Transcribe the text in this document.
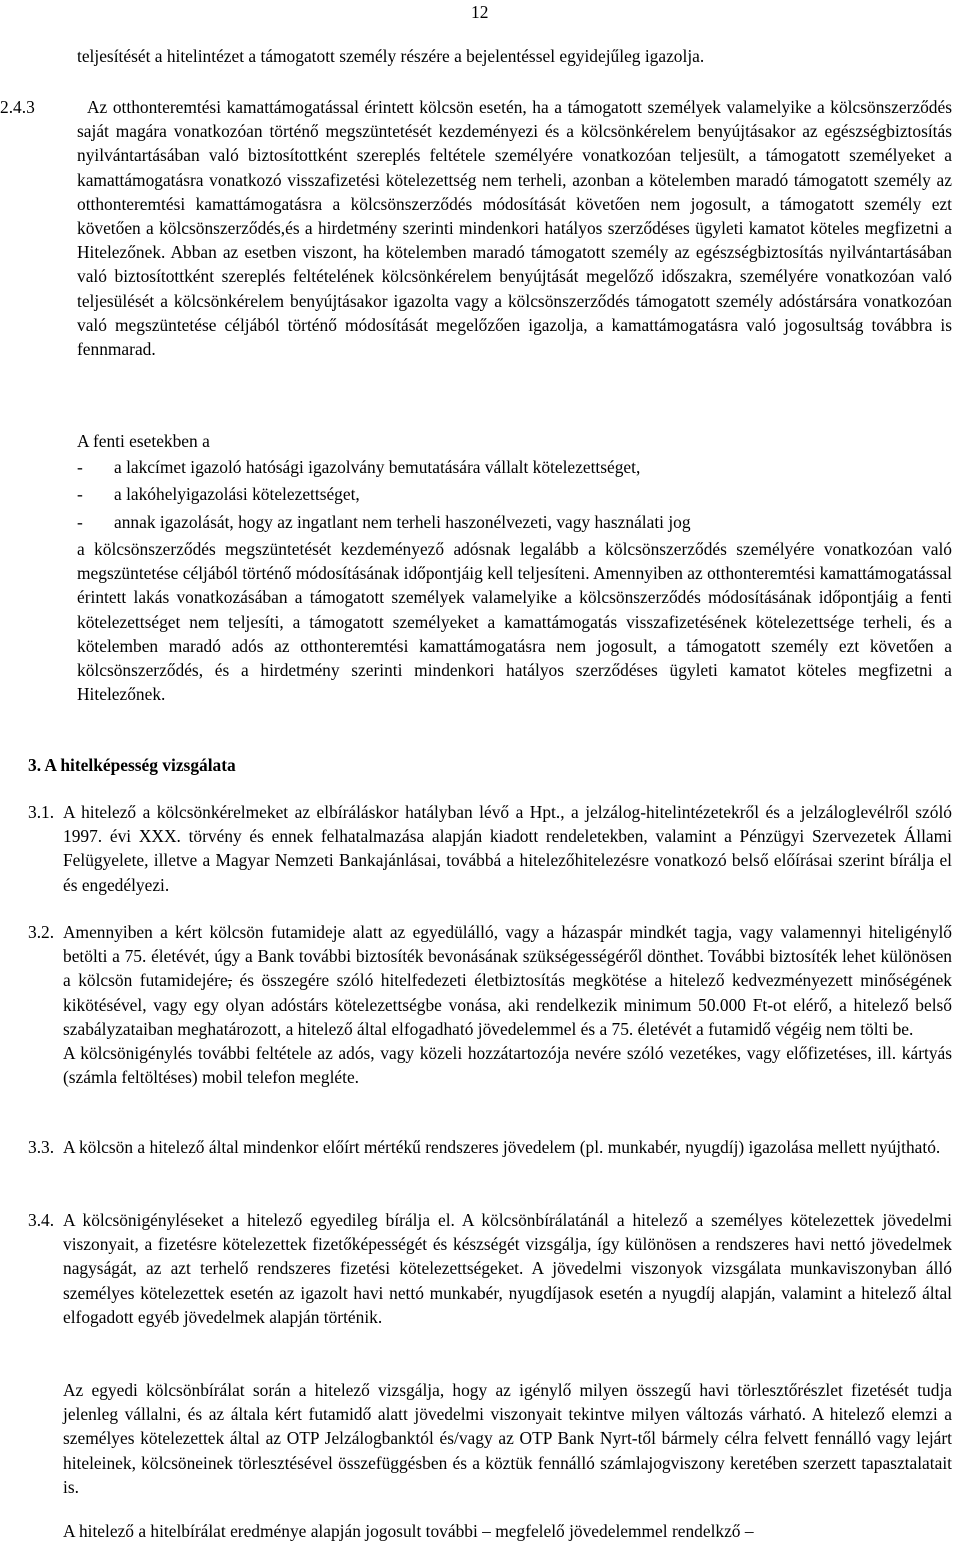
12
teljesítését a hitelintézet a támogatott személy részére a bejelentéssel egyidejűleg igazolja.
2.4.3	Az otthonteremtési kamattámogatással érintett kölcsön esetén, ha a támogatott személyek valamelyike a kölcsönszerződés saját magára vonatkozóan történő megszüntetését kezdeményezi és a kölcsönkérelem benyújtásakor az egészségbiztosítás nyilvántartásában való biztosítottként szereplés feltétele személyére vonatkozóan teljesült, a támogatott személyeket a kamattámogatásra vonatkozó visszafizetési kötelezettség nem terheli, azonban a kötelemben maradó támogatott személy az otthonteremtési kamattámogatásra a kölcsönszerződés módosítását követően nem jogosult, a támogatott személy ezt követően a kölcsönszerződés,és a hirdetmény szerinti mindenkori hatályos szerződéses ügyleti kamatot köteles megfizetni a Hitelezőnek. Abban az esetben viszont, ha kötelemben maradó támogatott személy az egészségbiztosítás nyilvántartásában való biztosítottként szereplés feltételének kölcsönkérelem benyújtását megelőző időszakra, személyére vonatkozóan való teljesülését a kölcsönkérelem benyújtásakor igazolta vagy a kölcsönszerződés támogatott személy adóstársára vonatkozóan való megszüntetése céljából történő módosítását megelőzően igazolja, a kamattámogatásra való jogosultság továbbra is fennmarad.
A fenti esetekben a
- a lakcímet igazoló hatósági igazolvány bemutatására vállalt kötelezettséget,
- a lakóhelyigazolási kötelezettséget,
- annak igazolását, hogy az ingatlant nem terheli haszonélvezeti, vagy használati jog
a kölcsönszerződés megszüntetését kezdeményező adósnak legalább a kölcsönszerződés személyére vonatkozóan való megszüntetése céljából történő módosításának időpontjáig kell teljesíteni. Amennyiben az otthonteremtési kamattámogatással érintett lakás vonatkozásában a támogatott személyek valamelyike a kölcsönszerződés módosításának időpontjáig a fenti kötelezettséget nem teljesíti, a támogatott személyeket a kamattámogatás visszafizetésének kötelezettsége terheli, és a kötelemben maradó adós az otthonteremtési kamattámogatásra nem jogosult, a támogatott személy ezt követően a kölcsönszerződés, és a hirdetmény szerinti mindenkori hatályos szerződéses ügyleti kamatot köteles megfizetni a Hitelezőnek.
3. A hitelképesség vizsgálata
3.1. A hitelező a kölcsönkérelmeket az elbíráláskor hatályban lévő a Hpt., a jelzálog-hitelintézetekről és a jelzáloglevélről szóló 1997. évi XXX. törvény és ennek felhatalmazása alapján kiadott rendeletekben, valamint a Pénzügyi Szervezetek Állami Felügyelete, illetve a Magyar Nemzeti Bankajánlásai, továbbá a hitelezőhitelezésre vonatkozó belső előírásai szerint bírálja el és engedélyezi.
3.2. Amennyiben a kért kölcsön futamideje alatt az egyedülálló, vagy a házaspár mindkét tagja, vagy valamennyi hiteligénylő betölti a 75. életévét, úgy a Bank további biztosíték bevonásának szükségességéről dönthet. További biztosíték lehet különösen a kölcsön futamidejére, és összegére szóló hitelfedezeti életbiztosítás megkötése a hitelező kedvezményezett minőségének kikötésével, vagy egy olyan adóstárs kötelezettségbe vonása, aki rendelkezik minimum 50.000 Ft-ot elérő, a hitelező belső szabályzataiban meghatározott, a hitelező által elfogadható jövedelemmel és a 75. életévét a futamidő végéig nem tölti be.
A kölcsönigénylés további feltétele az adós, vagy közeli hozzátartozója nevére szóló vezetékes, vagy előfizetéses, ill. kártyás (számla feltöltéses) mobil telefon megléte.
3.3. A kölcsön a hitelező által mindenkor előírt mértékű rendszeres jövedelem (pl. munkabér, nyugdíj) igazolása mellett nyújtható.
3.4. A kölcsönigényléseket a hitelező egyedileg bírálja el. A kölcsönbírálatánál a hitelező a személyes kötelezettek jövedelmi viszonyait, a fizetésre kötelezettek fizetőképességét és készségét vizsgálja, így különösen a rendszeres havi nettó jövedelmek nagyságát, az azt terhelő rendszeres fizetési kötelezettségeket. A jövedelmi viszonyok vizsgálata munkaviszonyban álló személyes kötelezettek esetén az igazolt havi nettó munkabér, nyugdíjasok esetén a nyugdíj alapján, valamint a hitelező által elfogadott egyéb jövedelmek alapján történik.
Az egyedi kölcsönbírálat során a hitelező vizsgálja, hogy az igénylő milyen összegű havi törlesztőrészlet fizetését tudja jelenleg vállalni, és az általa kért futamidő alatt jövedelmi viszonyait tekintve milyen változás várható. A hitelező elemzi a személyes kötelezettek által az OTP Jelzálogbanktól és/vagy az OTP Bank Nyrt-től bármely célra felvett fennálló vagy lejárt hiteleinek, kölcsöneinek törlesztésével összefüggésben és a köztük fennálló számlajogviszony keretében szerzett tapasztalatait is.
A hitelező a hitelbírálat eredménye alapján jogosult további – megfelelő jövedelemmel rendelkző –
